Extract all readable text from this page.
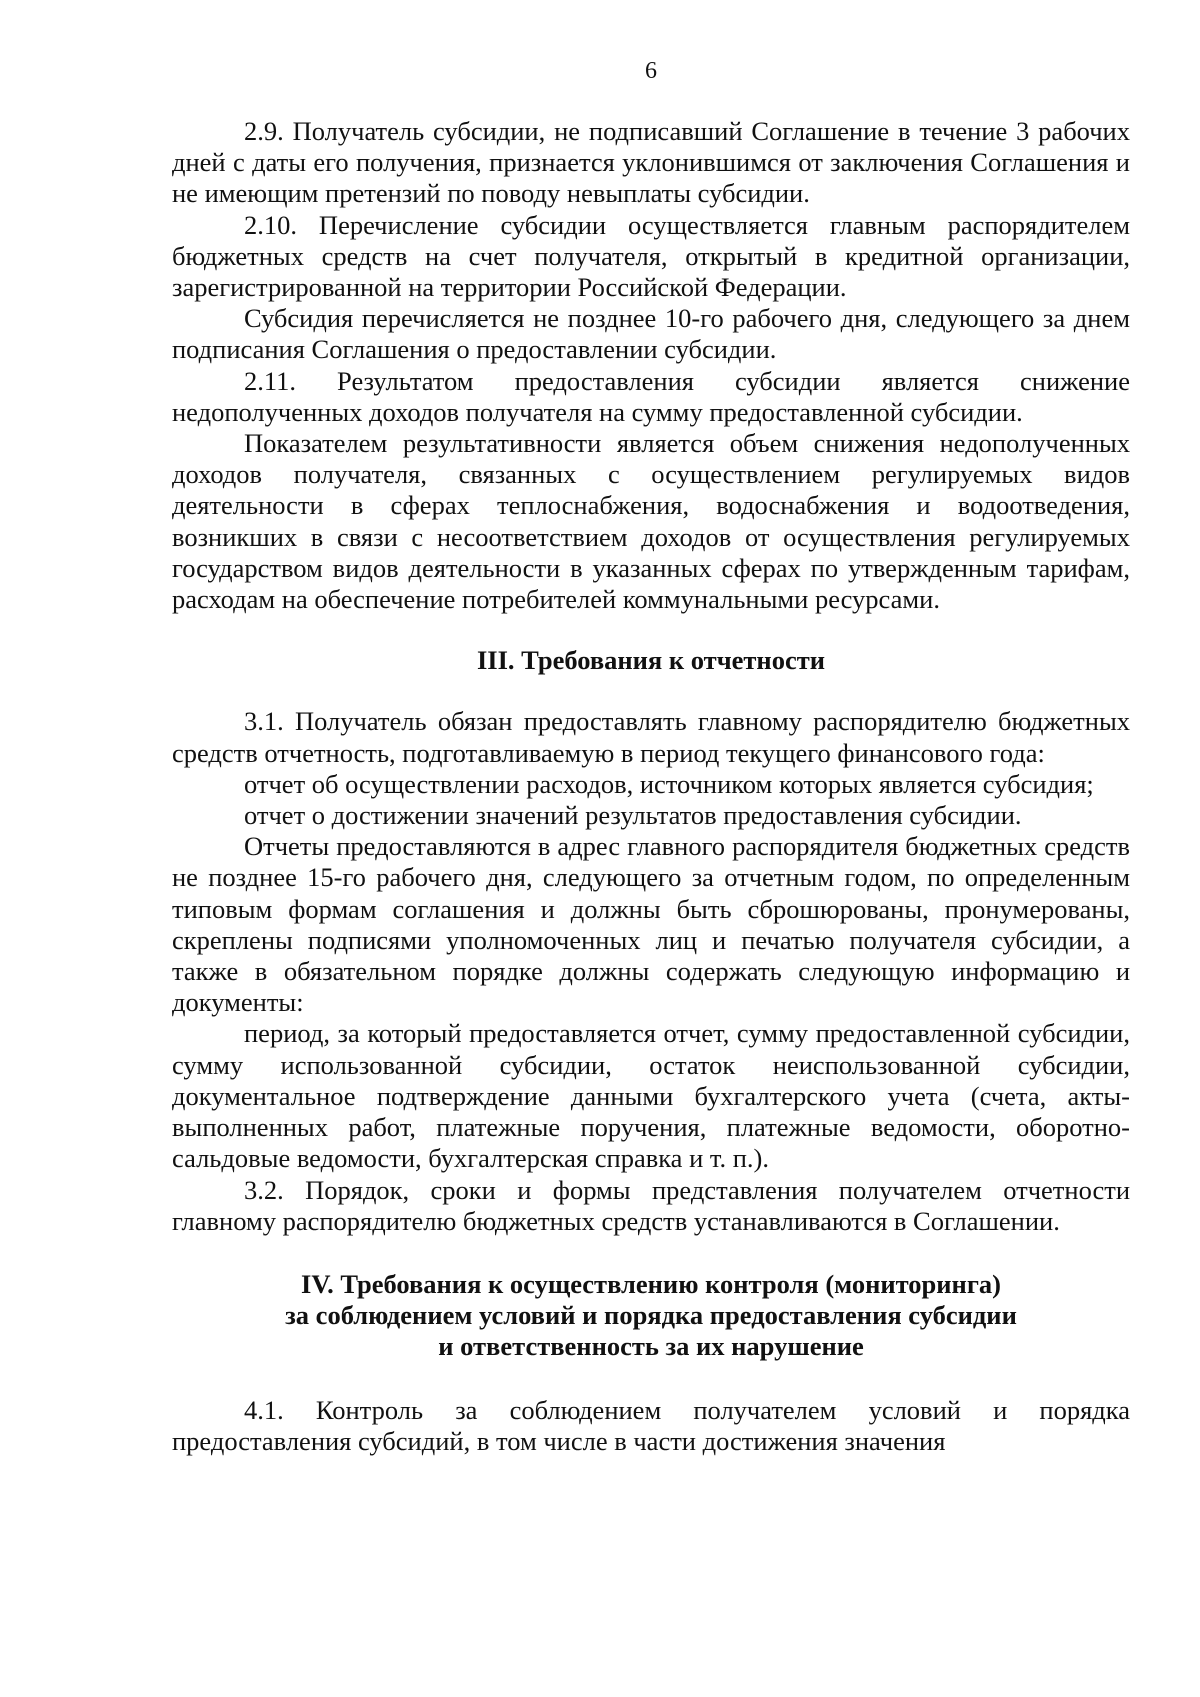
6

2.9. Получатель субсидии, не подписавший Соглашение в течение 3 рабочих дней с даты его получения, признается уклонившимся от заключения Соглашения и не имеющим претензий по поводу невыплаты субсидии.

2.10. Перечисление субсидии осуществляется главным распорядителем бюджетных средств на счет получателя, открытый в кредитной организации, зарегистрированной на территории Российской Федерации.

Субсидия перечисляется не позднее 10-го рабочего дня, следующего за днем подписания Соглашения о предоставлении субсидии.

2.11. Результатом предоставления субсидии является снижение недополученных доходов получателя на сумму предоставленной субсидии.

Показателем результативности является объем снижения недополученных доходов получателя, связанных с осуществлением регулируемых видов деятельности в сферах теплоснабжения, водоснабжения и водоотведения, возникших в связи с несоответствием доходов от осуществления регулируемых государством видов деятельности в указанных сферах по утвержденным тарифам, расходам на обеспечение потребителей коммунальными ресурсами.

III. Требования к отчетности

3.1. Получатель обязан предоставлять главному распорядителю бюджетных средств отчетность, подготавливаемую в период текущего финансового года:

отчет об осуществлении расходов, источником которых является субсидия;

отчет о достижении значений результатов предоставления субсидии.

Отчеты предоставляются в адрес главного распорядителя бюджетных средств не позднее 15-го рабочего дня, следующего за отчетным годом, по определенным типовым формам соглашения и должны быть сброшюрованы, пронумерованы, скреплены подписями уполномоченных лиц и печатью получателя субсидии, а также в обязательном порядке должны содержать следующую информацию и документы:

период, за который предоставляется отчет, сумму предоставленной субсидии, сумму использованной субсидии, остаток неиспользованной субсидии, документальное подтверждение данными бухгалтерского учета (счета, акты-выполненных работ, платежные поручения, платежные ведомости, оборотно-сальдовые ведомости, бухгалтерская справка и т. п.).

3.2. Порядок, сроки и формы представления получателем отчетности главному распорядителю бюджетных средств устанавливаются в Соглашении.

IV. Требования к осуществлению контроля (мониторинга)
за соблюдением условий и порядка предоставления субсидии
и ответственность за их нарушение

4.1. Контроль за соблюдением получателем условий и порядка предоставления субсидий, в том числе в части достижения значения
